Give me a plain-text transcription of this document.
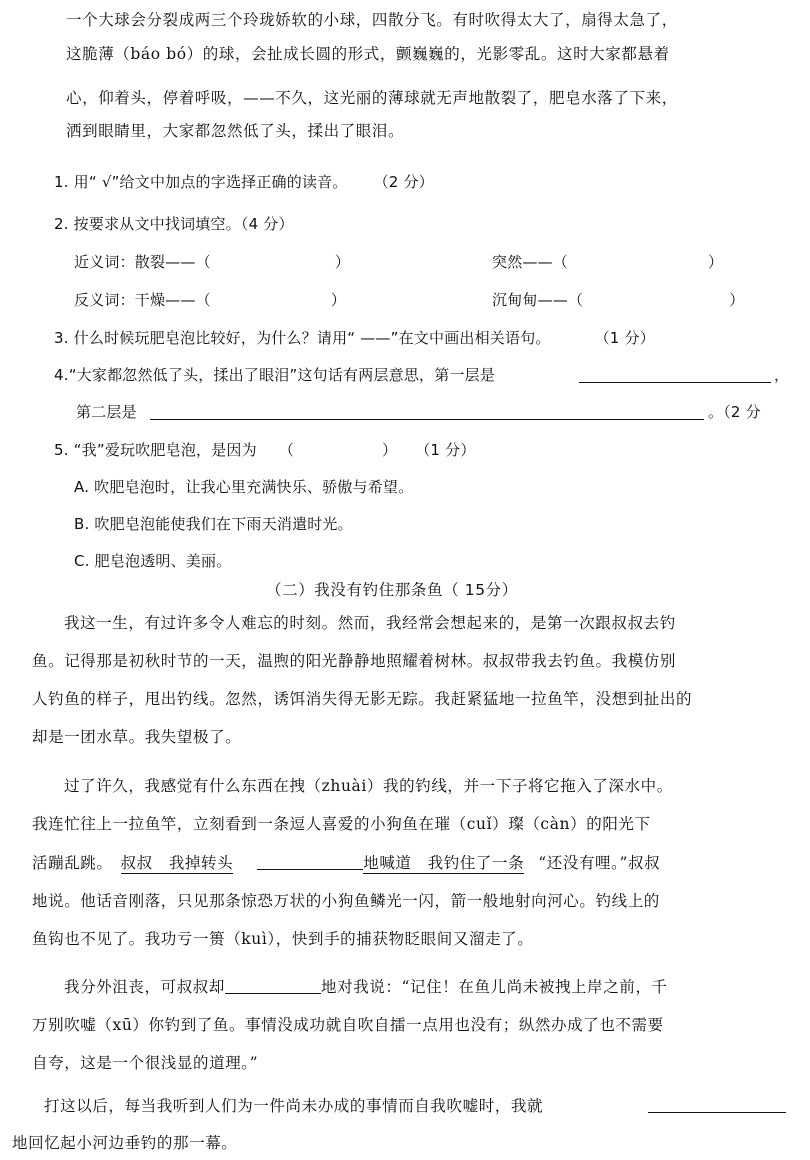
一个大球会分裂成两三个玲珑娇软的小球，四散分飞。有时吹得太大了，扇得太急了，
这脆薄（báo bó）的球，会扯成长圆的形式，颤巍巍的，光影零乱。这时大家都悬着
心，仰着头，停着呼吸，——不久，这光丽的薄球就无声地散裂了，肥皂水落了下来，
洒到眼睛里，大家都忽然低了头，揉出了眼泪。
1. 用“ √”给文中加点的字选择正确的读音。 （2 分）
2. 按要求从文中找词填空。（4 分）
近义词：散裂——（	）	突然——（	）
反义词：干燥——（	）	沉甸甸——（	）
3. 什么时候玩肥皂泡比较好，为什么？请用“ ——”在文中画出相关语句。	（1 分）
4.“大家都忽然低了头，揉出了眼泪”这句话有两层意思，第一层是	，
第二层是	。（2 分
5. “我”爱玩吹肥皂泡，是因为 （	） （1 分）
A. 吹肥皂泡时，让我心里充满快乐、骄傲与希望。
B. 吹肥皂泡能使我们在下雨天消遣时光。
C. 肥皂泡透明、美丽。
（二）我没有钓住那条鱼（ 15分）
我这一生，有过许多令人难忘的时刻。然而，我经常会想起来的，是第一次跟叔叔去钓
鱼。记得那是初秋时节的一天，温煦的阳光静静地照耀着树林。叔叔带我去钓鱼。我模仿别
人钓鱼的样子，甩出钓线。忽然，诱饵消失得无影无踪。我赶紧猛地一拉鱼竿，没想到扯出的
却是一团水草。我失望极了。
过了许久，我感觉有什么东西在拽（zhuài）我的钓线，并一下子将它拖入了深水中。
我连忙往上一拉鱼竿，立刻看到一条逗人喜爱的小狗鱼在璀（cuǐ）璨（càn）的阳光下
活蹦乱跳。 叔叔　我掉转头	地喊道　我钓住了一条 “还没有哩。”叔叔
地说。他话音刚落，只见那条惊恐万状的小狗鱼鳞光一闪，箭一般地射向河心。钓线上的
鱼钩也不见了。我功亏一篑（kuì），快到手的捕获物眨眼间又溜走了。
我分外沮丧，可叔叔却	地对我说：“记住！在鱼儿尚未被拽上岸之前，千
万别吹嘘（xū）你钓到了鱼。事情没成功就自吹自擂一点用也没有；纵然办成了也不需要
自夸，这是一个很浅显的道理。”
打这以后，每当我听到人们为一件尚未办成的事情而自我吹嘘时，我就
地回忆起小河边垂钓的那一幕。
